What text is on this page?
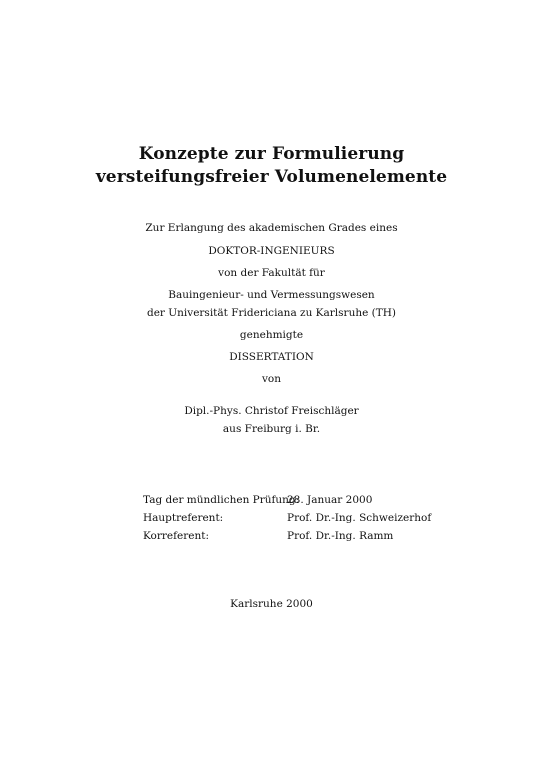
Konzepte zur Formulierung
versteifungsfreier Volumenelemente
Zur Erlangung des akademischen Grades eines
DOKTOR-INGENIEURS
von der Fakultät für
Bauingenieur- und Vermessungswesen
der Universität Fridericiana zu Karlsruhe (TH)
genehmigte
DISSERTATION
von
Dipl.-Phys. Christof Freischläger
aus Freiburg i. Br.
Tag der mündlichen Prüfung:
28. Januar 2000
Hauptreferent:	Prof. Dr.-Ing. Schweizerhof
Korreferent:	Prof. Dr.-Ing. Ramm
Karlsruhe 2000
